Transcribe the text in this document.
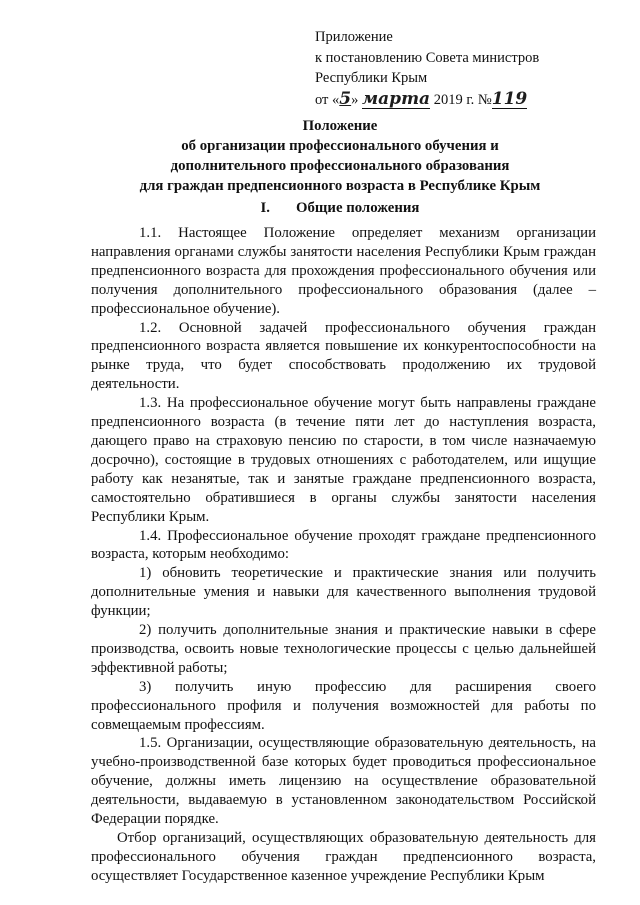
Приложение
к постановлению Совета министров
Республики Крым
от «5» марта 2019 г. №119
Положение
об организации профессионального обучения и
дополнительного профессионального образования
для граждан предпенсионного возраста в Республике Крым
I. Общие положения

1.1. Настоящее Положение определяет механизм организации направления органами службы занятости населения Республики Крым граждан предпенсионного возраста для прохождения профессионального обучения или получения дополнительного профессионального образования (далее – профессиональное обучение).

1.2. Основной задачей профессионального обучения граждан предпенсионного возраста является повышение их конкурентоспособности на рынке труда, что будет способствовать продолжению их трудовой деятельности.

1.3. На профессиональное обучение могут быть направлены граждане предпенсионного возраста (в течение пяти лет до наступления возраста, дающего право на страховую пенсию по старости, в том числе назначаемую досрочно), состоящие в трудовых отношениях с работодателем, или ищущие работу как незанятые, так и занятые граждане предпенсионного возраста, самостоятельно обратившиеся в органы службы занятости населения Республики Крым.

1.4. Профессиональное обучение проходят граждане предпенсионного возраста, которым необходимо:

1) обновить теоретические и практические знания или получить дополнительные умения и навыки для качественного выполнения трудовой функции;

2) получить дополнительные знания и практические навыки в сфере производства, освоить новые технологические процессы с целью дальнейшей эффективной работы;

3) получить иную профессию для расширения своего профессионального профиля и получения возможностей для работы по совмещаемым профессиям.

1.5. Организации, осуществляющие образовательную деятельность, на учебно-производственной базе которых будет проводиться профессиональное обучение, должны иметь лицензию на осуществление образовательной деятельности, выдаваемую в установленном законодательством Российской Федерации порядке.

Отбор организаций, осуществляющих образовательную деятельность для профессионального обучения граждан предпенсионного возраста, осуществляет Государственное казенное учреждение Республики Крым
